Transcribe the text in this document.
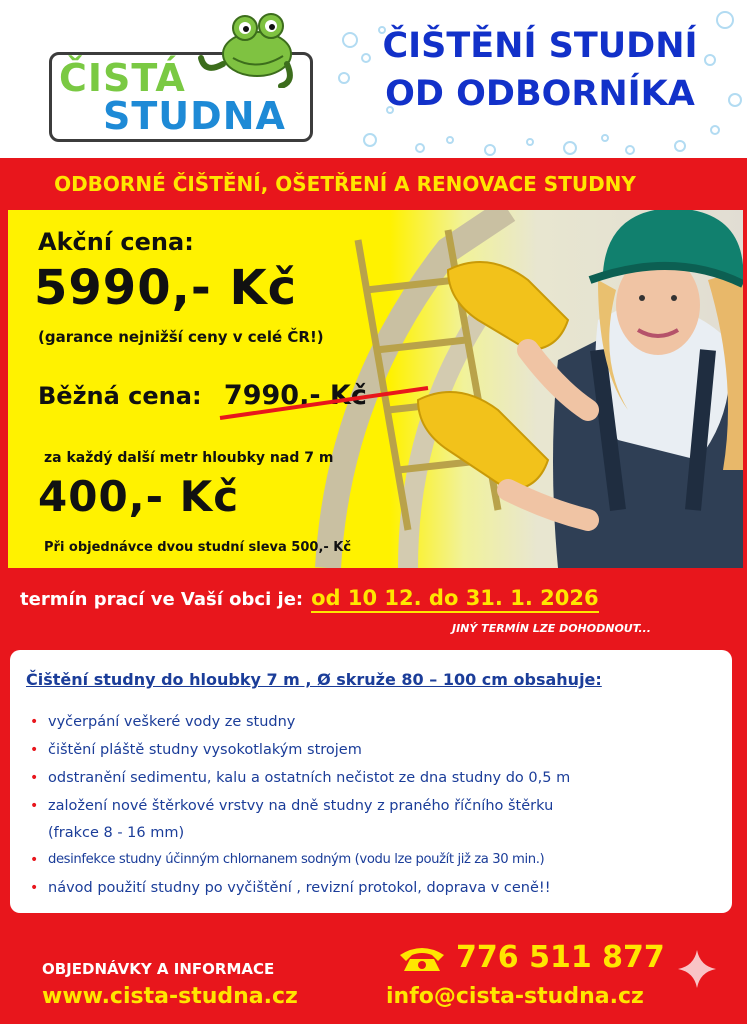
ČISTÁ
STUDNA
ČIŠTĚNÍ STUDNÍ
OD ODBORNÍKA
ODBORNÉ ČIŠTĚNÍ, OŠETŘENÍ A RENOVACE STUDNY
Akční cena:
5990,- Kč
(garance nejnižší ceny v celé ČR!)
Běžná cena: 7990,- Kč
za každý další metr hloubky nad 7 m
400,- Kč
Při objednávce dvou studní sleva 500,- Kč
termín prací ve Vaší obci je: od 10 12. do 31. 1. 2026
JINÝ TERMÍN LZE DOHODNOUT...
Čištění studny do hloubky 7 m , Ø skruže 80 – 100 cm obsahuje:
• vyčerpání veškeré vody ze studny
• čištění pláště studny vysokotlakým strojem
• odstranění sedimentu, kalu a ostatních nečistot ze dna studny do 0,5 m
• založení nové štěrkové vrstvy na dně studny z praného říčního štěrku
(frakce 8 - 16 mm)
• desinfekce studny účinným chlornanem sodným (vodu lze použít již za 30 min.)
• návod použití studny po vyčištění , revizní protokol, doprava v ceně!!
OBJEDNÁVKY A INFORMACE	776 511 877
www.cista-studna.cz	info@cista-studna.cz
